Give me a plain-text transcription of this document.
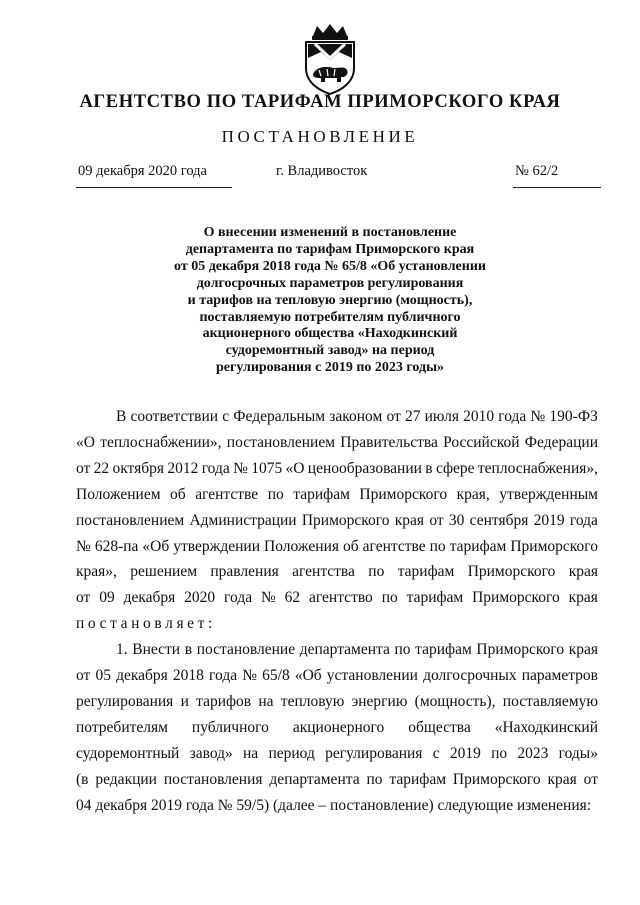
АГЕНТСТВО ПО ТАРИФАМ ПРИМОРСКОГО КРАЯ
ПОСТАНОВЛЕНИЕ
09 декабря 2020 года	г. Владивосток	№ 62/2
О внесении изменений в постановление
департамента по тарифам Приморского края
от 05 декабря 2018 года № 65/8 «Об установлении
долгосрочных параметров регулирования
и тарифов на тепловую энергию (мощность),
поставляемую потребителям публичного
акционерного общества «Находкинский
судоремонтный завод» на период
регулирования с 2019 по 2023 годы»
В соответствии с Федеральным законом от 27 июля 2010 года № 190-ФЗ
«О теплоснабжении», постановлением Правительства Российской Федерации
от 22 октября 2012 года № 1075 «О ценообразовании в сфере теплоснабжения»,
Положением об агентстве по тарифам Приморского края, утвержденным
постановлением Администрации Приморского края от 30 сентября 2019 года
№ 628-па «Об утверждении Положения об агентстве по тарифам Приморского
края», решением правления агентства по тарифам Приморского края
от 09 декабря 2020 года № 62 агентство по тарифам Приморского края
постановляет:
1. Внести в постановление департамента по тарифам Приморского края
от 05 декабря 2018 года № 65/8 «Об установлении долгосрочных параметров
регулирования и тарифов на тепловую энергию (мощность), поставляемую
потребителям публичного акционерного общества «Находкинский
судоремонтный завод» на период регулирования с 2019 по 2023 годы»
(в редакции постановления департамента по тарифам Приморского края от
04 декабря 2019 года № 59/5) (далее – постановление) следующие изменения:
